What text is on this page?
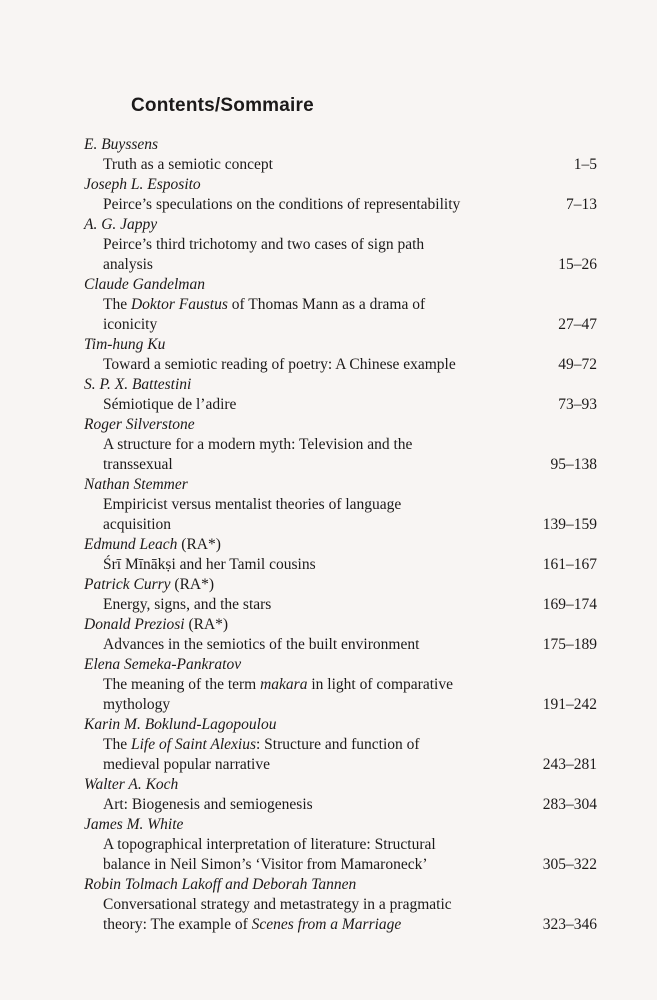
Contents/Sommaire
E. Buyssens
Truth as a semiotic concept	1–5
Joseph L. Esposito
Peirce’s speculations on the conditions of representability	7–13
A. G. Jappy
Peirce’s third trichotomy and two cases of sign path
analysis	15–26
Claude Gandelman
The Doktor Faustus of Thomas Mann as a drama of
iconicity	27–47
Tim-hung Ku
Toward a semiotic reading of poetry: A Chinese example	49–72
S. P. X. Battestini
Sémiotique de l’adire	73–93
Roger Silverstone
A structure for a modern myth: Television and the
transsexual	95–138
Nathan Stemmer
Empiricist versus mentalist theories of language
acquisition	139–159
Edmund Leach (RA*)
Śrī Mīnākṣi and her Tamil cousins	161–167
Patrick Curry (RA*)
Energy, signs, and the stars	169–174
Donald Preziosi (RA*)
Advances in the semiotics of the built environment	175–189
Elena Semeka-Pankratov
The meaning of the term makara in light of comparative
mythology	191–242
Karin M. Boklund-Lagopoulou
The Life of Saint Alexius: Structure and function of
medieval popular narrative	243–281
Walter A. Koch
Art: Biogenesis and semiogenesis	283–304
James M. White
A topographical interpretation of literature: Structural
balance in Neil Simon’s ‘Visitor from Mamaroneck’	305–322
Robin Tolmach Lakoff and Deborah Tannen
Conversational strategy and metastrategy in a pragmatic
theory: The example of Scenes from a Marriage	323–346
